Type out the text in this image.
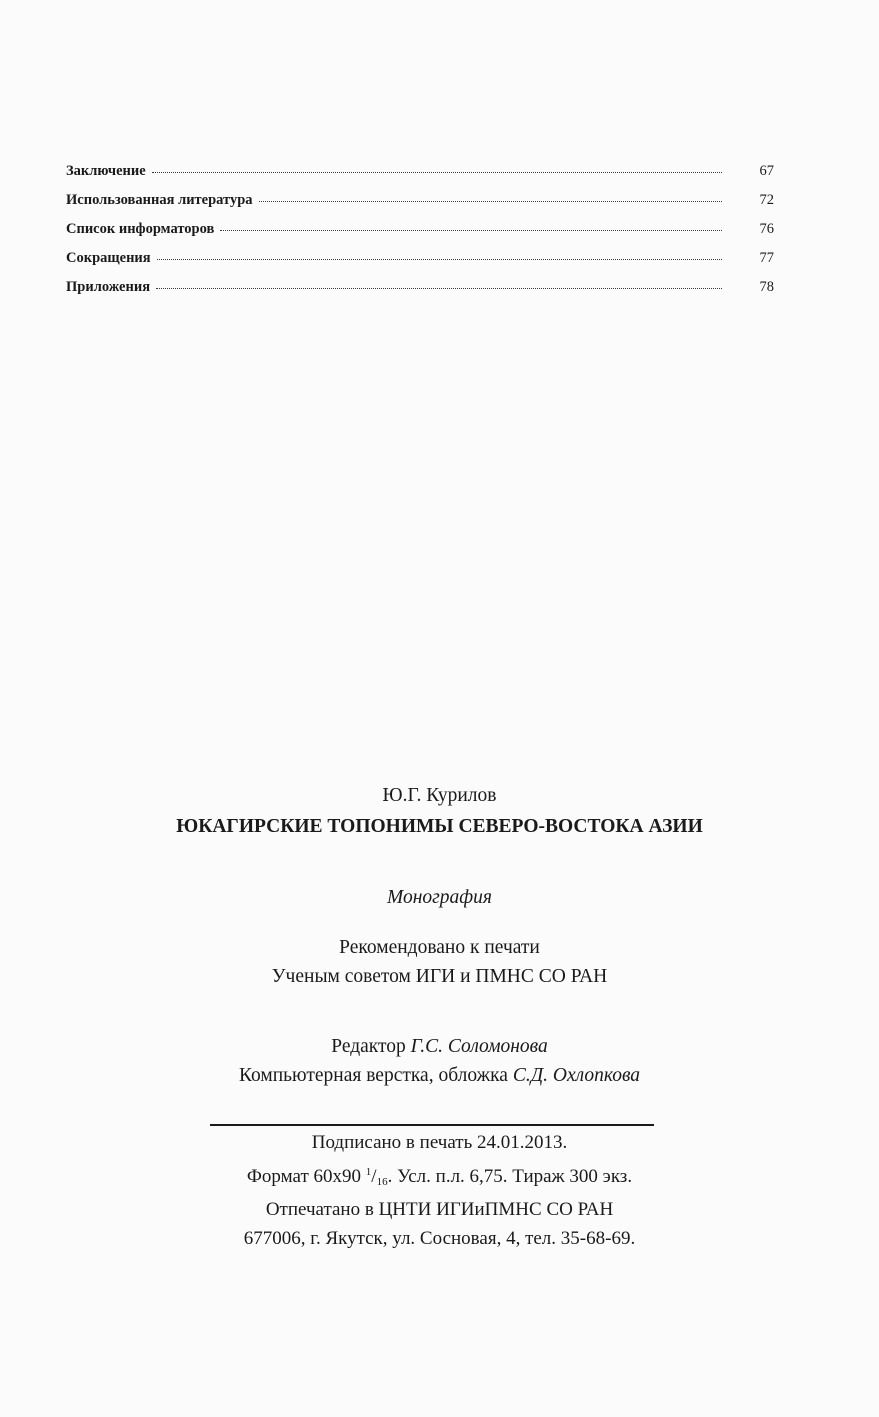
Заключение	67
Использованная литература	72
Список информаторов	76
Сокращения	77
Приложения	78
Ю.Г. Курилов
ЮКАГИРСКИЕ ТОПОНИМЫ СЕВЕРО-ВОСТОКА АЗИИ
Монография
Рекомендовано к печати
Ученым советом ИГИ и ПМНС СО РАН
Редактор Г.С. Соломонова
Компьютерная верстка, обложка С.Д. Охлопкова
Подписано в печать 24.01.2013.
Формат 60х90 $^1/_{16}$. Усл. п.л. 6,75. Тираж 300 экз.
Отпечатано в ЦНТИ ИГИиПМНС СО РАН
677006, г. Якутск, ул. Сосновая, 4, тел. 35-68-69.
